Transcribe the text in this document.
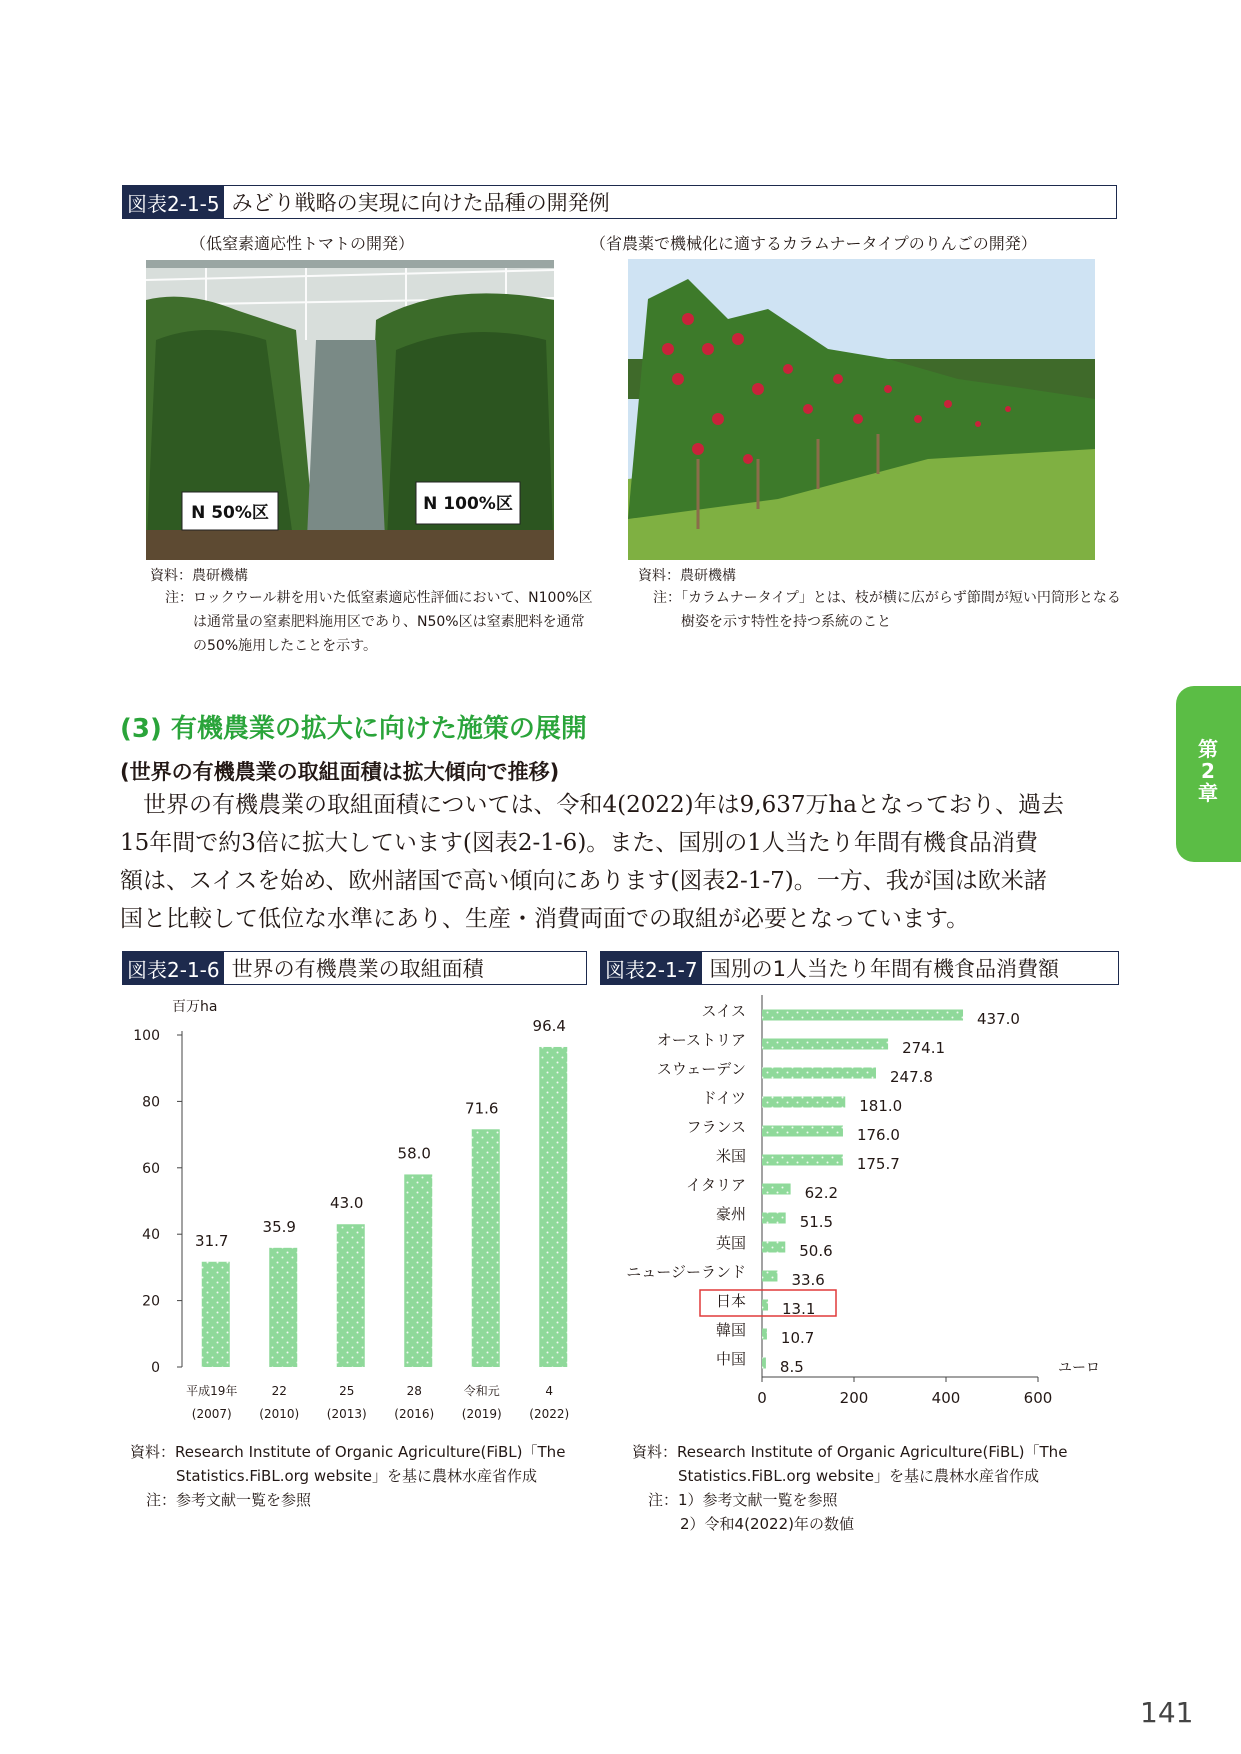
図表2-1-5 みどり戦略の実現に向けた品種の開発例
（低窒素適応性トマトの開発）	（省農薬で機械化に適するカラムナータイプのりんごの開発）
N 50%区	N 100%区
資料：農研機構
注：ロックウール耕を用いた低窒素適応性評価において、N100%区は通常量の窒素肥料施用区であり、N50%区は窒素肥料を通常の50%施用したことを示す。
資料：農研機構
注：「カラムナータイプ」とは、枝が横に広がらず節間が短い円筒形となる樹姿を示す特性を持つ系統のこと
(3) 有機農業の拡大に向けた施策の展開
(世界の有機農業の取組面積は拡大傾向で推移)
　世界の有機農業の取組面積については、令和4(2022)年は9,637万haとなっており、過去
15年間で約3倍に拡大しています(図表2-1-6)。また、国別の1人当たり年間有機食品消費
額は、スイスを始め、欧州諸国で高い傾向にあります(図表2-1-7)。一方、我が国は欧米諸
国と比較して低位な水準にあり、生産・消費両面での取組が必要となっています。
第2章
図表2-1-6 世界の有機農業の取組面積
百万ha
0
20
40
60
80
100
31.7
平成19年
(2007)
35.9
22
(2010)
43.0
25
(2013)
58.0
28
(2016)
71.6
令和元
(2019)
96.4
4
(2022)
資料：Research Institute of Organic Agriculture(FiBL)「The
Statistics.FiBL.org website」を基に農林水産省作成
注：参考文献一覧を参照
図表2-1-7 国別の1人当たり年間有機食品消費額
0	200	400	600
ユーロ
スイス	437.0
オーストリア	274.1
スウェーデン	247.8
ドイツ	181.0
フランス	176.0
米国	175.7
イタリア	62.2
豪州	51.5
英国	50.6
ニュージーランド	33.6
日本 13.1
韓国 10.7
中国 8.5
資料：Research Institute of Organic Agriculture(FiBL)「The
Statistics.FiBL.org website」を基に農林水産省作成
注：1）参考文献一覧を参照
2）令和4(2022)年の数値
141
